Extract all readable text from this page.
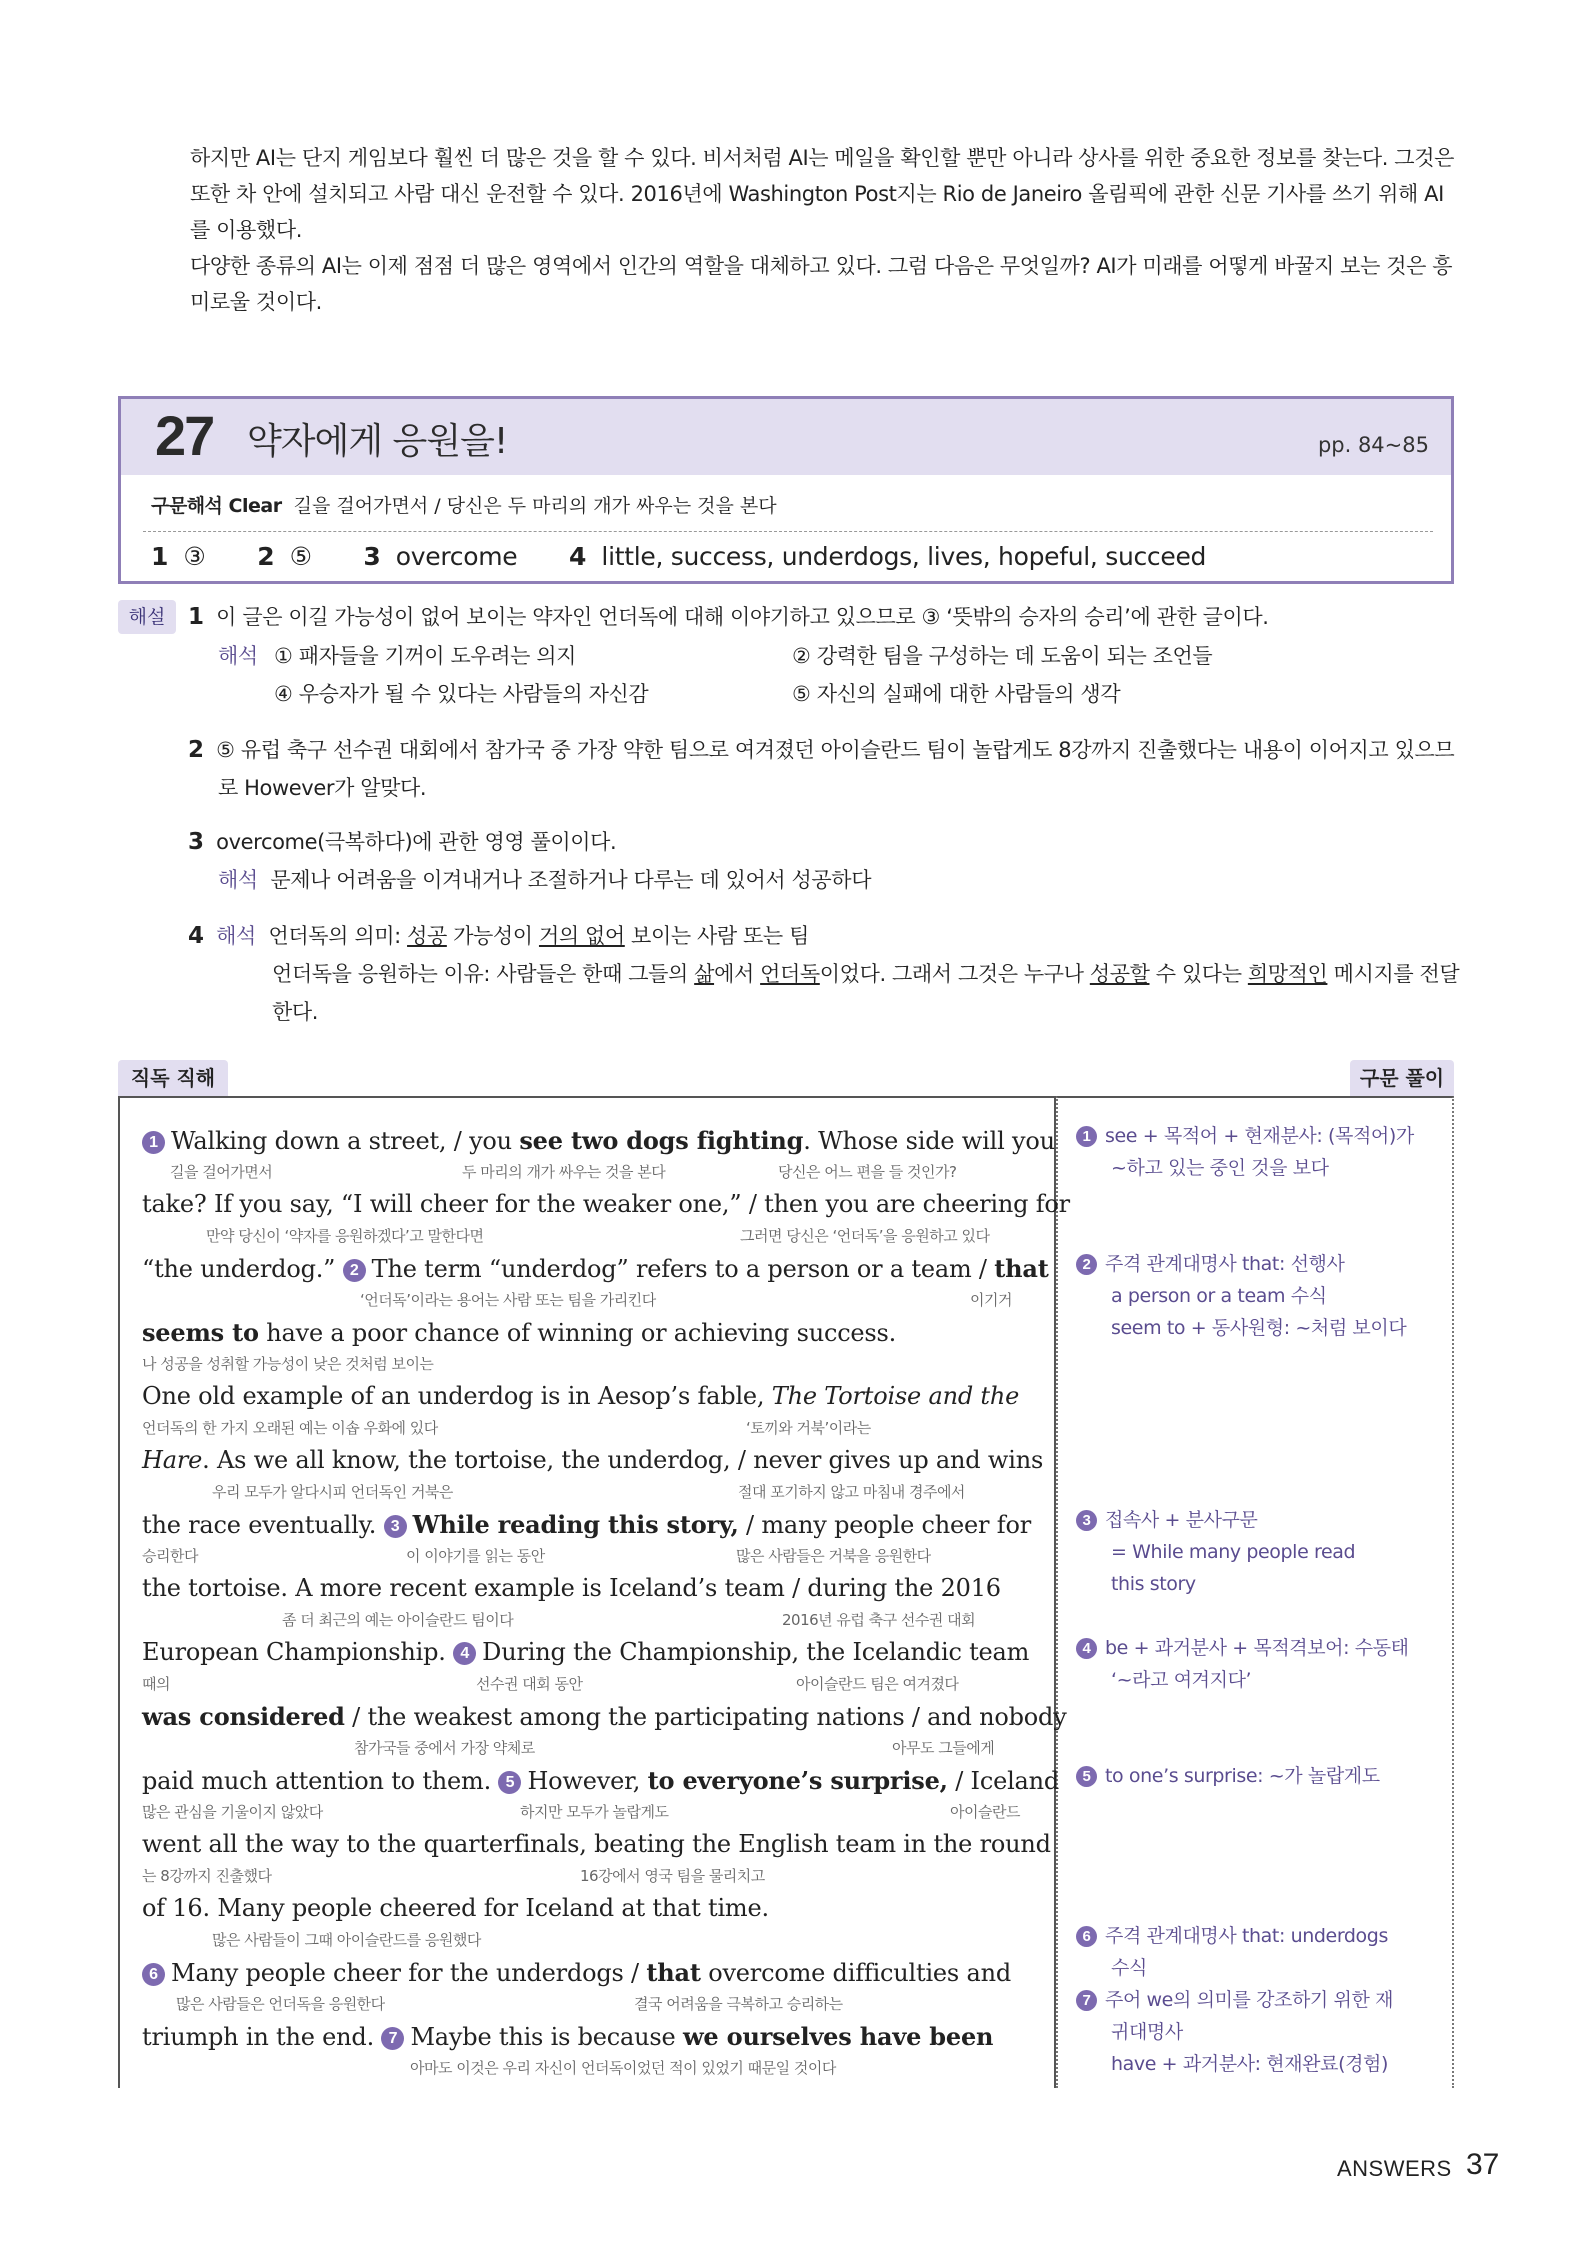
하지만 AI는 단지 게임보다 훨씬 더 많은 것을 할 수 있다. 비서처럼 AI는 메일을 확인할 뿐만 아니라 상사를 위한 중요한 정보를 찾는다. 그것은 또한 차 안에 설치되고 사람 대신 운전할 수 있다. 2016년에 Washington Post지는 Rio de Janeiro 올림픽에 관한 신문 기사를 쓰기 위해 AI를 이용했다.

다양한 종류의 AI는 이제 점점 더 많은 영역에서 인간의 역할을 대체하고 있다. 그럼 다음은 무엇일까? AI가 미래를 어떻게 바꿀지 보는 것은 흥미로울 것이다.

27 약자에게 응원을!	pp. 84~85
구문해석 Clear 길을 걸어가면서 / 당신은 두 마리의 개가 싸우는 것을 본다
1 ③ 2 ⑤ 3 overcome 4 little, success, underdogs, lives, hopeful, succeed
해설 1 이 글은 이길 가능성이 없어 보이는 약자인 언더독에 대해 이야기하고 있으므로 ③ ‘뜻밖의 승자의 승리’에 관한 글이다.
해석 ① 패자들을 기꺼이 도우려는 의지	② 강력한 팀을 구성하는 데 도움이 되는 조언들
④ 우승자가 될 수 있다는 사람들의 자신감	⑤ 자신의 실패에 대한 사람들의 생각
2 ⑤ 유럽 축구 선수권 대회에서 참가국 중 가장 약한 팀으로 여겨졌던 아이슬란드 팀이 놀랍게도 8강까지 진출했다는 내용이 이어지고 있으므
로 However가 알맞다.
3 overcome(극복하다)에 관한 영영 풀이이다.
해석 문제나 어려움을 이겨내거나 조절하거나 다루는 데 있어서 성공하다
4 해석 언더독의 의미: 성공 가능성이 거의 없어 보이는 사람 또는 팀
언더독을 응원하는 이유: 사람들은 한때 그들의 삶에서 언더독이었다. 그래서 그것은 누구나 성공할 수 있다는 희망적인 메시지를 전달
한다.
직독 직해	구문 풀이
1 Walking down a street, / you see two dogs fighting. Whose side will you
길을 걸어가면서	두 마리의 개가 싸우는 것을 본다	당신은 어느 편을 들 것인가?
take? If you say, “I will cheer for the weaker one,” / then you are cheering for
만약 당신이 ‘약자를 응원하겠다’고 말한다면	그러면 당신은 ‘언더독’을 응원하고 있다
“the underdog.” 2 The term “underdog” refers to a person or a team / that
‘언더독’이라는 용어는 사람 또는 팀을 가리킨다	이기거
seems to have a poor chance of winning or achieving success.
나 성공을 성취할 가능성이 낮은 것처럼 보이는
One old example of an underdog is in Aesop’s fable, The Tortoise and the
언더독의 한 가지 오래된 예는 이솝 우화에 있다	‘토끼와 거북’이라는
Hare. As we all know, the tortoise, the underdog, / never gives up and wins
우리 모두가 알다시피 언더독인 거북은	절대 포기하지 않고 마침내 경주에서
the race eventually. 3 While reading this story, / many people cheer for
승리한다	이 이야기를 읽는 동안	많은 사람들은 거북을 응원한다
the tortoise. A more recent example is Iceland’s team / during the 2016
좀 더 최근의 예는 아이슬란드 팀이다	2016년 유럽 축구 선수권 대회
European Championship. 4 During the Championship, the Icelandic team
때의	선수권 대회 동안	아이슬란드 팀은 여겨졌다
was considered / the weakest among the participating nations / and nobody
참가국들 중에서 가장 약체로	아무도 그들에게
paid much attention to them. 5 However, to everyone’s surprise, / Iceland
많은 관심을 기울이지 않았다	하지만 모두가 놀랍게도	아이슬란드
went all the way to the quarterfinals, beating the English team in the round
는 8강까지 진출했다	16강에서 영국 팀을 물리치고
of 16. Many people cheered for Iceland at that time.
많은 사람들이 그때 아이슬란드를 응원했다
6 Many people cheer for the underdogs / that overcome difficulties and
많은 사람들은 언더독을 응원한다	결국 어려움을 극복하고 승리하는
triumph in the end. 7 Maybe this is because we ourselves have been
아마도 이것은 우리 자신이 언더독이었던 적이 있었기 때문일 것이다
1 see + 목적어 + 현재분사: (목적어)가
~하고 있는 중인 것을 보다
2 주격 관계대명사 that: 선행사
a person or a team 수식
seem to + 동사원형: ~처럼 보이다
3 접속사 + 분사구문
= While many people read
this story
4 be + 과거분사 + 목적격보어: 수동태
‘~라고 여겨지다’
5 to one’s surprise: ~가 놀랍게도
6 주격 관계대명사 that: underdogs
수식
7 주어 we의 의미를 강조하기 위한 재
귀대명사
have + 과거분사: 현재완료(경험)
ANSWERS 37
